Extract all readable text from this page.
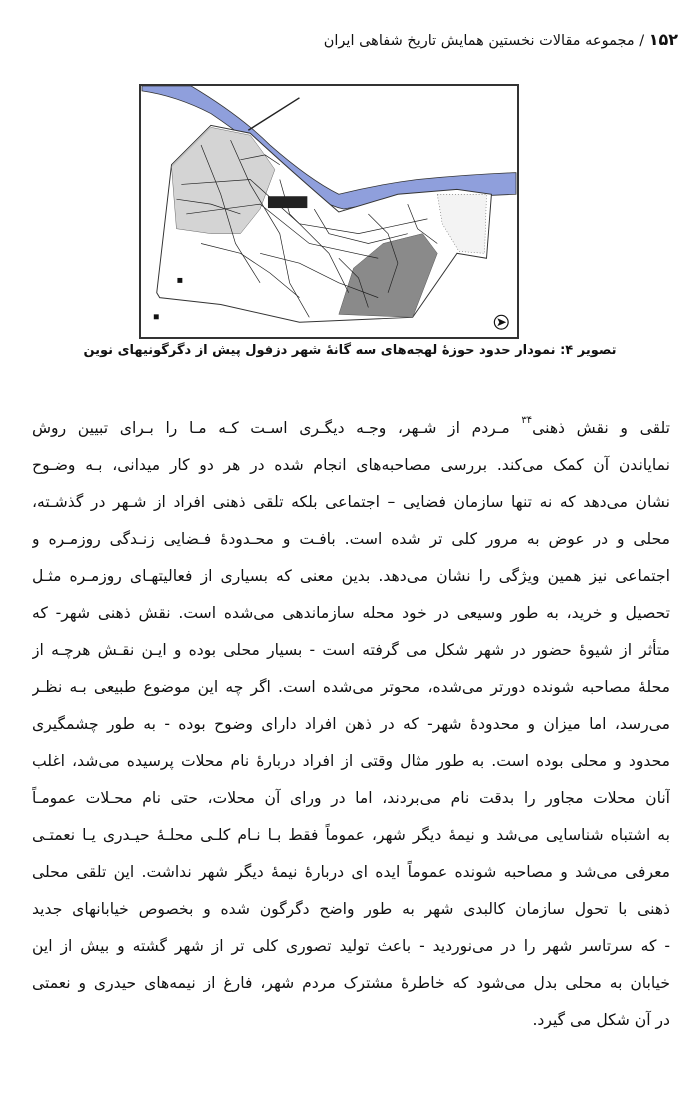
۱۵۲ / مجموعه مقالات نخستین همایش تاریخ شفاهی ایران
تصویر ۴: نمودار حدود حوزهٔ لهجه‌های سه گانهٔ شهر دزفول پیش از دگرگونیهای نوین
تلقی و نقش ذهنی$^{۳۴}$ مـردم از شـهر، وجـه دیگـری اسـت کـه مـا را بـرای تبیین روش
نمایاندن آن کمک می‌کند. بررسی مصاحبه‌های انجام شده در هر دو کار میدانی، بـه وضـوح
نشان می‌دهد که نه تنها سازمان فضایی – اجتماعی بلکه تلقی ذهنی افراد از شـهر در گذشـته،
محلی و در عوض به مرور کلی تر شده است. بافـت و محـدودهٔ فـضایی زنـدگی روزمـره و
اجتماعی نیز همین ویژگی را نشان می‌دهد. بدین معنی که بسیاری از فعالیتهـای روزمـره مثـل
تحصیل و خرید، به طور وسیعی در خود محله سازماندهی می‌شده است. نقش ذهنی شهر- که
متأثر از شیوهٔ حضور در شهر شکل می گرفته است - بسیار محلی بوده و ایـن نقـش هرچـه از
محلهٔ مصاحبه شونده دورتر می‌شده، محوتر می‌شده است. اگر چه این موضوع طبیعی بـه نظـر
می‌رسد، اما میزان و محدودهٔ شهر- که در ذهن افراد دارای وضوح بوده - به طور چشمگیری
محدود و محلی بوده است. به طور مثال وقتی از افراد دربارهٔ نام محلات پرسیده می‌شد، اغلب
آنان محلات مجاور را بدقت نام می‌بردند، اما در ورای آن محلات، حتی نام محـلات عمومـاً
به اشتباه شناسایی می‌شد و نیمهٔ دیگر شهر، عموماً فقط بـا نـام کلـی محلـهٔ حیـدری یـا نعمتـی
معرفی می‌شد و مصاحبه شونده عموماً ایده ای دربارهٔ نیمهٔ دیگر شهر نداشت. این تلقی محلی
ذهنی با تحول سازمان کالبدی شهر به طور واضح دگرگون شده و بخصوص خیابانهای جدید
- که سرتاسر شهر را در می‌نوردید - باعث تولید تصوری کلی تر از شهر گشته و بیش از این
خیابان به محلی بدل می‌شود که خاطرهٔ مشترک مردم شهر، فارغ از نیمه‌های حیدری و نعمتی
در آن شکل می گیرد.
